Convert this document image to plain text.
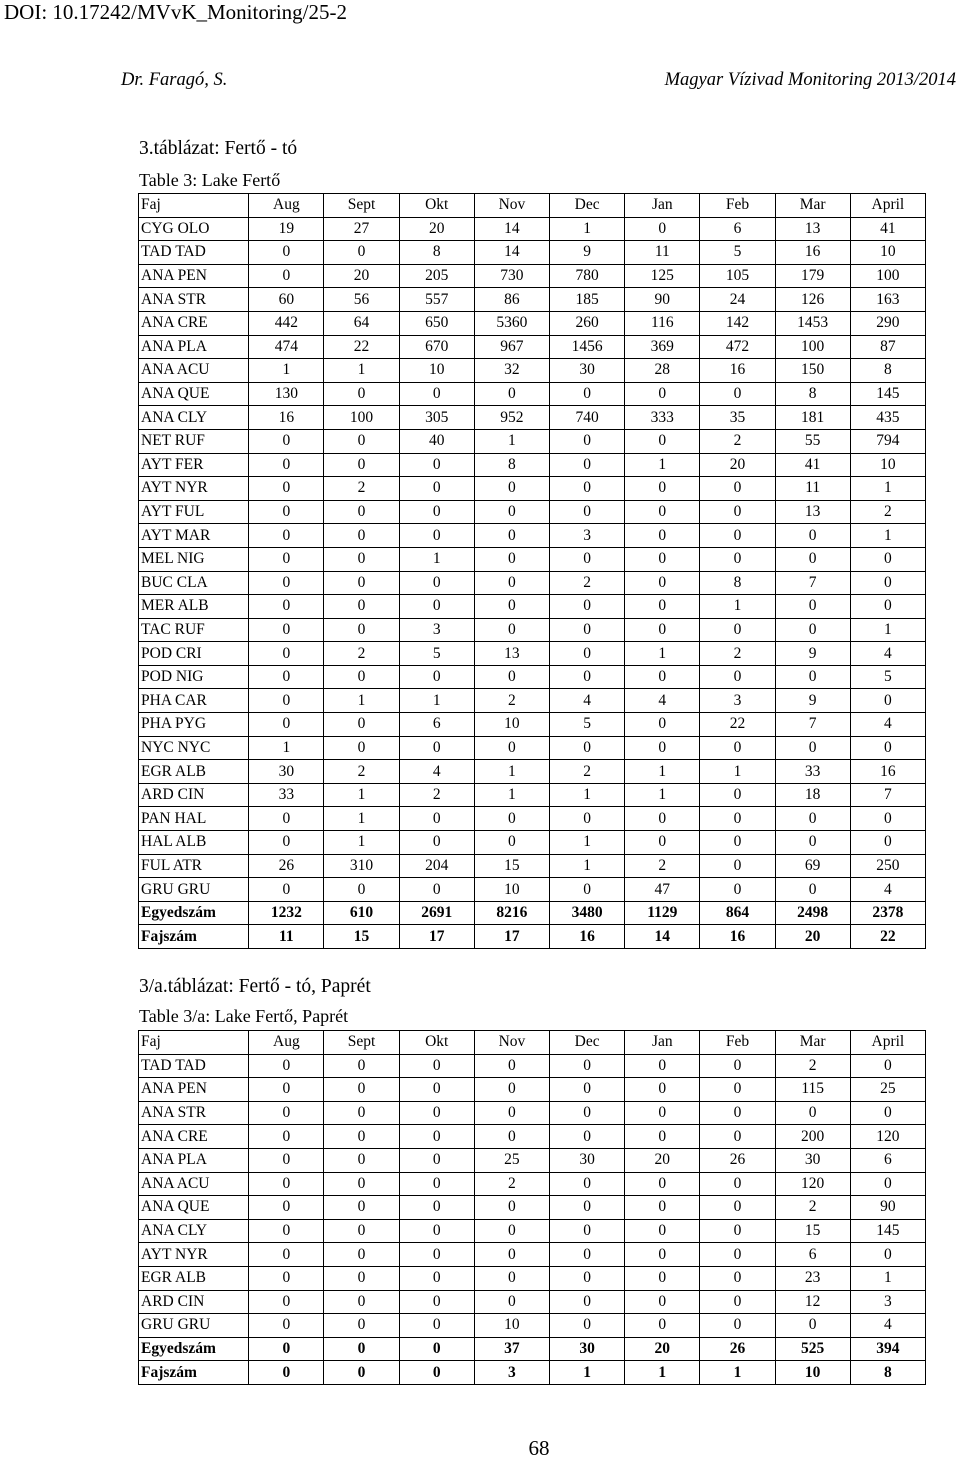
DOI: 10.17242/MVvK_Monitoring/25-2
Dr. Faragó, S.	Magyar Vízivad Monitoring 2013/2014
3.táblázat: Fertő - tó
Table 3: Lake Fertő
Faj	Aug	Sept	Okt	Nov	Dec	Jan	Feb	Mar	April
CYG OLO	19	27	20	14	1	0	6	13	41
TAD TAD	0	0	8	14	9	11	5	16	10
ANA PEN	0	20	205	730	780	125	105	179	100
ANA STR	60	56	557	86	185	90	24	126	163
ANA CRE	442	64	650	5360	260	116	142	1453	290
ANA PLA	474	22	670	967	1456	369	472	100	87
ANA ACU	1	1	10	32	30	28	16	150	8
ANA QUE	130	0	0	0	0	0	0	8	145
ANA CLY	16	100	305	952	740	333	35	181	435
NET RUF	0	0	40	1	0	0	2	55	794
AYT FER	0	0	0	8	0	1	20	41	10
AYT NYR	0	2	0	0	0	0	0	11	1
AYT FUL	0	0	0	0	0	0	0	13	2
AYT MAR	0	0	0	0	3	0	0	0	1
MEL NIG	0	0	1	0	0	0	0	0	0
BUC CLA	0	0	0	0	2	0	8	7	0
MER ALB	0	0	0	0	0	0	1	0	0
TAC RUF	0	0	3	0	0	0	0	0	1
POD CRI	0	2	5	13	0	1	2	9	4
POD NIG	0	0	0	0	0	0	0	0	5
PHA CAR	0	1	1	2	4	4	3	9	0
PHA PYG	0	0	6	10	5	0	22	7	4
NYC NYC	1	0	0	0	0	0	0	0	0
EGR ALB	30	2	4	1	2	1	1	33	16
ARD CIN	33	1	2	1	1	1	0	18	7
PAN HAL	0	1	0	0	0	0	0	0	0
HAL ALB	0	1	0	0	1	0	0	0	0
FUL ATR	26	310	204	15	1	2	0	69	250
GRU GRU	0	0	0	10	0	47	0	0	4
Egyedszám	1232	610	2691	8216	3480	1129	864	2498	2378
Fajszám	11	15	17	17	16	14	16	20	22
3/a.táblázat: Fertő - tó, Paprét
Table 3/a: Lake Fertő, Paprét
Faj	Aug	Sept	Okt	Nov	Dec	Jan	Feb	Mar	April
TAD TAD	0	0	0	0	0	0	0	2	0
ANA PEN	0	0	0	0	0	0	0	115	25
ANA STR	0	0	0	0	0	0	0	0	0
ANA CRE	0	0	0	0	0	0	0	200	120
ANA PLA	0	0	0	25	30	20	26	30	6
ANA ACU	0	0	0	2	0	0	0	120	0
ANA QUE	0	0	0	0	0	0	0	2	90
ANA CLY	0	0	0	0	0	0	0	15	145
AYT NYR	0	0	0	0	0	0	0	6	0
EGR ALB	0	0	0	0	0	0	0	23	1
ARD CIN	0	0	0	0	0	0	0	12	3
GRU GRU	0	0	0	10	0	0	0	0	4
Egyedszám	0	0	0	37	30	20	26	525	394
Fajszám	0	0	0	3	1	1	1	10	8
68
